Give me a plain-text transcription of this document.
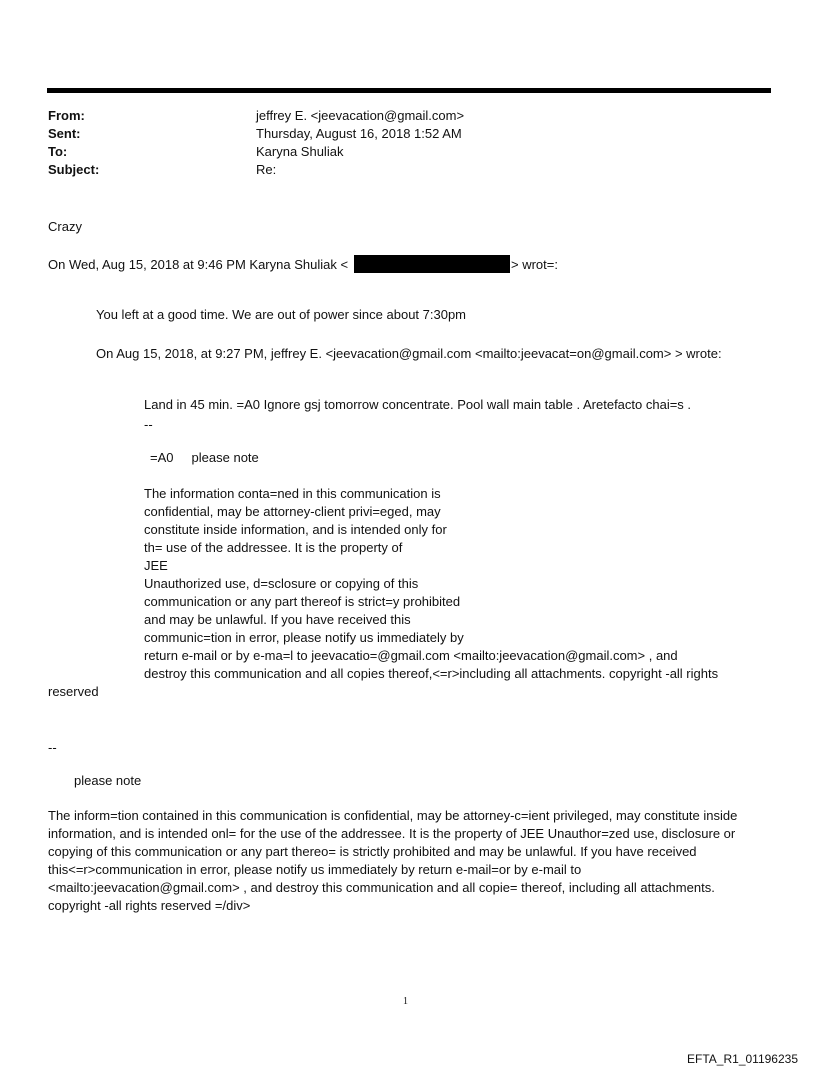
From:	jeffrey E. <jeevacation@gmail.com>
Sent:	Thursday, August 16, 2018 1:52 AM
To:	Karyna Shuliak
Subject:	Re:
Crazy
On Wed, Aug 15, 2018 at 9:46 PM Karyna Shuliak <	> wrot=:
You left at a good time. We are out of power since about 7:30pm
On Aug 15, 2018, at 9:27 PM, jeffrey E. <jeevacation@gmail.com <mailto:jeevacat=on@gmail.com> > wrote:
Land in 45 min. =A0 Ignore gsj tomorrow concentrate. Pool wall main table . Aretefacto chai=s .
--
=A0     please note
The information conta=ned in this communication is
confidential, may be attorney-client privi=eged, may
constitute inside information, and is intended only for
th= use of the addressee. It is the property of
JEE
Unauthorized use, d=sclosure or copying of this
communication or any part thereof is strict=y prohibited
and may be unlawful. If you have received this
communic=tion in error, please notify us immediately by
return e-mail or by e-ma=l to jeevacatio=@gmail.com <mailto:jeevacation@gmail.com> , and
destroy this communication and all copies thereof,<=r>including all attachments. copyright -all rights
reserved
--
please note
The inform=tion contained in this communication is confidential, may be attorney-c=ient privileged, may constitute inside information, and is intended onl= for the use of the addressee. It is the property of JEE Unauthor=zed use, disclosure or copying of this communication or any part thereo= is strictly prohibited and may be unlawful. If you have received this<=r>communication in error, please notify us immediately by return e-mail=or by e-mail to <mailto:jeevacation@gmail.com> , and destroy this communication and all copie= thereof, including all attachments. copyright -all rights reserved =/div>
1
EFTA_R1_01196235
